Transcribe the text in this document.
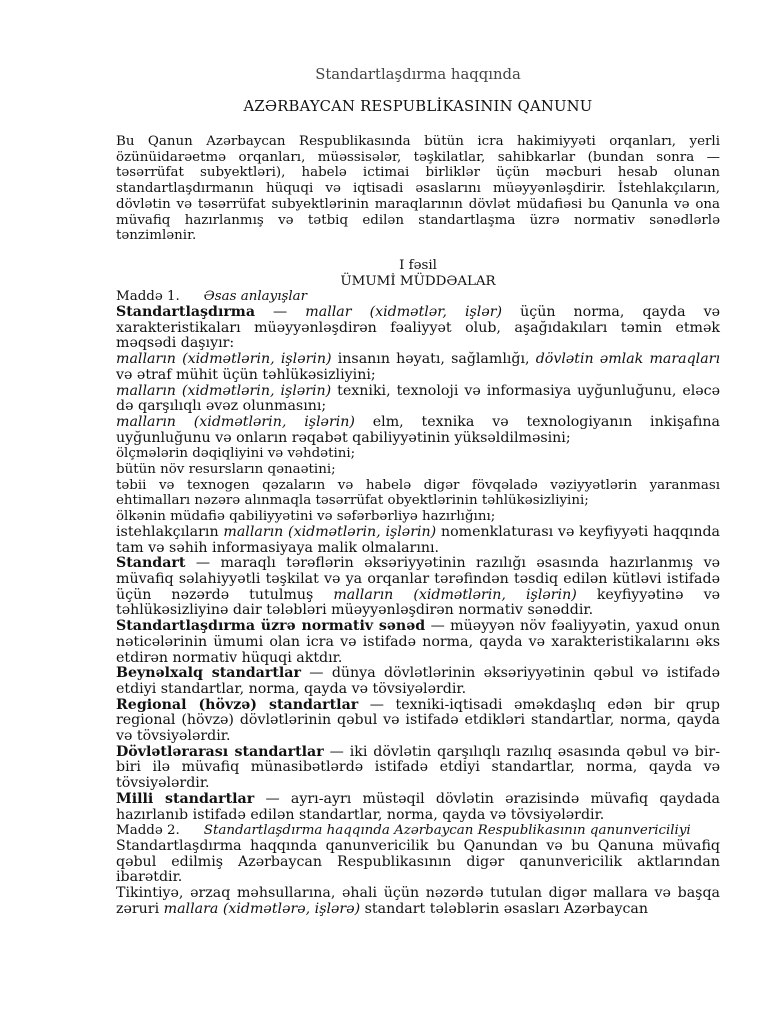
Standartlaşdırma haqqında
AZƏRBAYCAN RESPUBLİKASININ QANUNU

Bu Qanun Azərbaycan Respublikasında bütün icra hakimiyyəti orqanları, yerli özünüidarəetmə orqanları, müəssisələr, təşkilatlar, sahibkarlar (bundan sonra — təsərrüfat subyektləri), habelə ictimai birliklər üçün məcburi hesab olunan standartlaşdırmanın hüquqi və iqtisadi əsaslarını müəyyənləşdirir. İstehlakçıların, dövlətin və təsərrüfat subyektlərinin maraqlarının dövlət müdafiəsi bu Qanunla və ona müvafiq hazırlanmış və tətbiq edilən standartlaşma üzrə normativ sənədlərlə tənzimlənir.

I fəsil

ÜMUMİ MÜDDƏALAR

Maddə 1. Əsas anlayışlar

Standartlaşdırma — mallar (xidmətlər, işlər) üçün norma, qayda və xarakteristikaları müəyyənləşdirən fəaliyyət olub, aşağıdakıları təmin etmək məqsədi daşıyır:

malların (xidmətlərin, işlərin) insanın həyatı, sağlamlığı, dövlətin əmlak maraqları və ətraf mühit üçün təhlükəsizliyini;

malların (xidmətlərin, işlərin) texniki, texnoloji və informasiya uyğunluğunu, eləcə də qarşılıqlı əvəz olunmasını;

malların (xidmətlərin, işlərin) elm, texnika və texnologiyanın inkişafına uyğunluğunu və onların rəqabət qabiliyyətinin yüksəldilməsini;

ölçmələrin dəqiqliyini və vəhdətini;

bütün növ resursların qənaətini;

təbii və texnogen qəzaların və habelə digər fövqəladə vəziyyətlərin yaranması ehtimalları nəzərə alınmaqla təsərrüfat obyektlərinin təhlükəsizliyini;

ölkənin müdafiə qabiliyyətini və səfərbərliyə hazırlığını;

istehlakçıların malların (xidmətlərin, işlərin) nomenklaturası və keyfiyyəti haqqında tam və səhih informasiyaya malik olmalarını.

Standart — maraqlı tərəflərin əksəriyyətinin razılığı əsasında hazırlanmış və müvafiq səlahiyyətli təşkilat və ya orqanlar tərəfindən təsdiq edilən kütləvi istifadə üçün nəzərdə tutulmuş malların (xidmətlərin, işlərin) keyfiyyətinə və təhlükəsizliyinə dair tələbləri müəyyənləşdirən normativ sənəddir.

Standartlaşdırma üzrə normativ sənəd — müəyyən növ fəaliyyətin, yaxud onun nəticələrinin ümumi olan icra və istifadə norma, qayda və xarakteristikalarını əks etdirən normativ hüquqi aktdır.

Beynəlxalq standartlar — dünya dövlətlərinin əksəriyyətinin qəbul və istifadə etdiyi standartlar, norma, qayda və tövsiyələrdir.

Regional (hövzə) standartlar — texniki-iqtisadi əməkdaşlıq edən bir qrup regional (hövzə) dövlətlərinin qəbul və istifadə etdikləri standartlar, norma, qayda və tövsiyələrdir.

Dövlətlərarası standartlar — iki dövlətin qarşılıqlı razılıq əsasında qəbul və bir-biri ilə müvafiq münasibətlərdə istifadə etdiyi standartlar, norma, qayda və tövsiyələrdir.

Milli standartlar — ayrı-ayrı müstəqil dövlətin ərazisində müvafiq qaydada hazırlanıb istifadə edilən standartlar, norma, qayda və tövsiyələrdir.

Maddə 2. Standartlaşdırma haqqında Azərbaycan Respublikasının qanunvericiliyi

Standartlaşdırma haqqında qanunvericilik bu Qanundan və bu Qanuna müvafiq qəbul edilmiş Azərbaycan Respublikasının digər qanunvericilik aktlarından ibarətdir.

Tikintiyə, ərzaq məhsullarına, əhali üçün nəzərdə tutulan digər mallara və başqa zəruri mallara (xidmətlərə, işlərə) standart tələblərin əsasları Azərbaycan
